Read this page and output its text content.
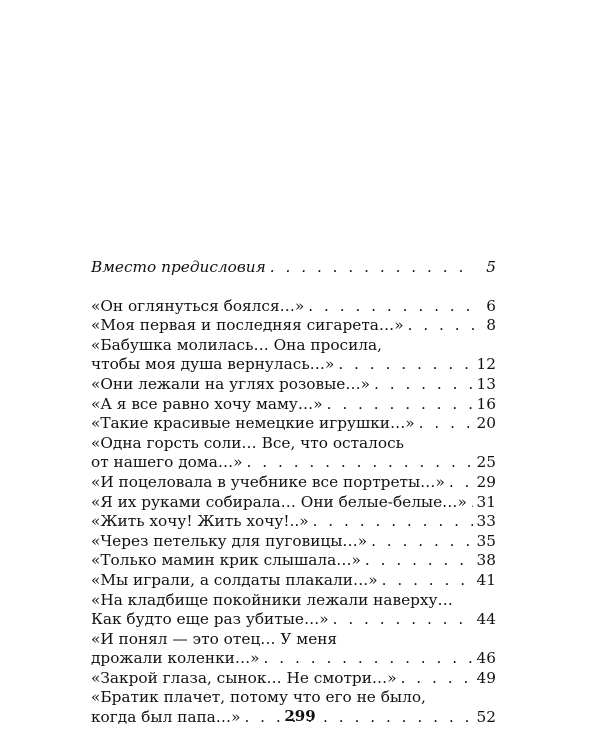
Вместо предисловия . . .	5
«Он оглянуться боялся…» . . .	6
«Моя первая и последняя сигарета…» . . .	8
«Бабушка молилась… Она просила,
чтобы моя душа вернулась…» . . .	12
«Они лежали на углях розовые…» . . .	13
«А я все равно хочу маму…» . . .	16
«Такие красивые немецкие игрушки…» . . .	20
«Одна горсть соли… Все, что осталось
от нашего дома…» . . .	25
«И поцеловала в учебнике все портреты…» . . . 29
«Я их руками собирала… Они белые-белые…» . . . 31
«Жить хочу! Жить хочу!..» . . .	33
«Через петельку для пуговицы…» . . .	35
«Только мамин крик слышала…» . . .	38
«Мы играли, а солдаты плакали…» . . .	41
«На кладбище покойники лежали наверху…
Как будто еще раз убитые…» . . .	44
«И понял — это отец… У меня
дрожали коленки…» . . .	46
«Закрой глаза, сынок… Не смотри…» . . .	49
«Братик плачет, потому что его не было,
когда был папа…» . . .	52
299
